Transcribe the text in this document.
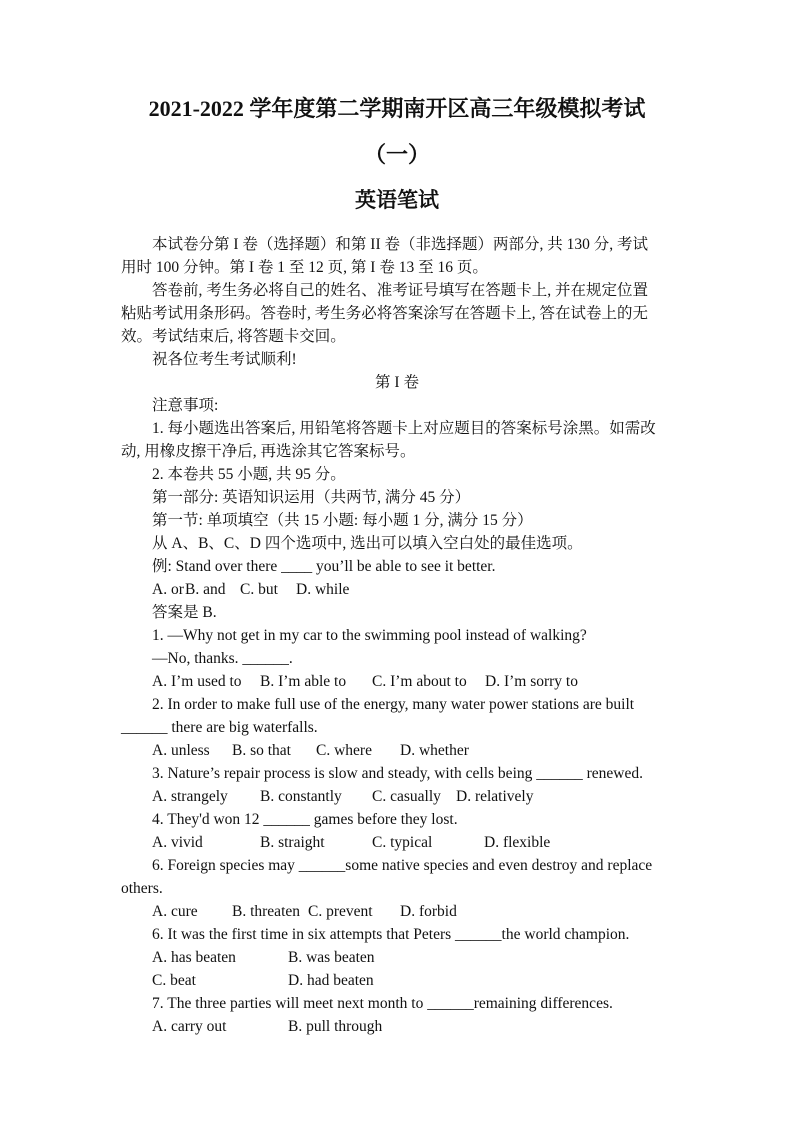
2021-2022 学年度第二学期南开区高三年级模拟考试
（一）
英语笔试
本试卷分第 I 卷（选择题）和第 II 卷（非选择题）两部分, 共 130 分, 考试
用时 100 分钟。第 I 卷 1 至 12 页, 第 I 卷 13 至 16 页。
答卷前, 考生务必将自己的姓名、准考证号填写在答题卡上, 并在规定位置
粘贴考试用条形码。答卷时, 考生务必将答案涂写在答题卡上, 答在试卷上的无
效。考试结束后, 将答题卡交回。
祝各位考生考试顺利!
第 I 卷
注意事项:
1. 每小题选出答案后, 用铅笔将答题卡上对应题目的答案标号涂黑。如需改
动, 用橡皮擦干净后, 再选涂其它答案标号。
2. 本卷共 55 小题, 共 95 分。
第一部分: 英语知识运用（共两节, 满分 45 分）
第一节: 单项填空（共 15 小题: 每小题 1 分, 满分 15 分）
从 A、B、C、D 四个选项中, 选出可以填入空白处的最佳选项。
例: Stand over there ____ you’ll be able to see it better.
A. orB. and C. but D. while
答案是 B.
1. —Why not get in my car to the swimming pool instead of walking?
—No, thanks. ______.
A. I’m used to B. I’m able to C. I’m about to D. I’m sorry to
2. In order to make full use of the energy, many water power stations are built
______ there are big waterfalls.
A. unless B. so that C. where D. whether
3. Nature’s repair process is slow and steady, with cells being ______ renewed.
A. strangely B. constantly C. casually D. relatively
4. They'd won 12 ______ games before they lost.
A. vivid	B. straight	C. typical	D. flexible
6. Foreign species may ______some native species and even destroy and replace
others.
A. cure B. threaten C. prevent D. forbid
6. It was the first time in six attempts that Peters ______the world champion.
A. has beaten	B. was beaten
C. beat	D. had beaten
7. The three parties will meet next month to ______remaining differences.
A. carry out	B. pull through
